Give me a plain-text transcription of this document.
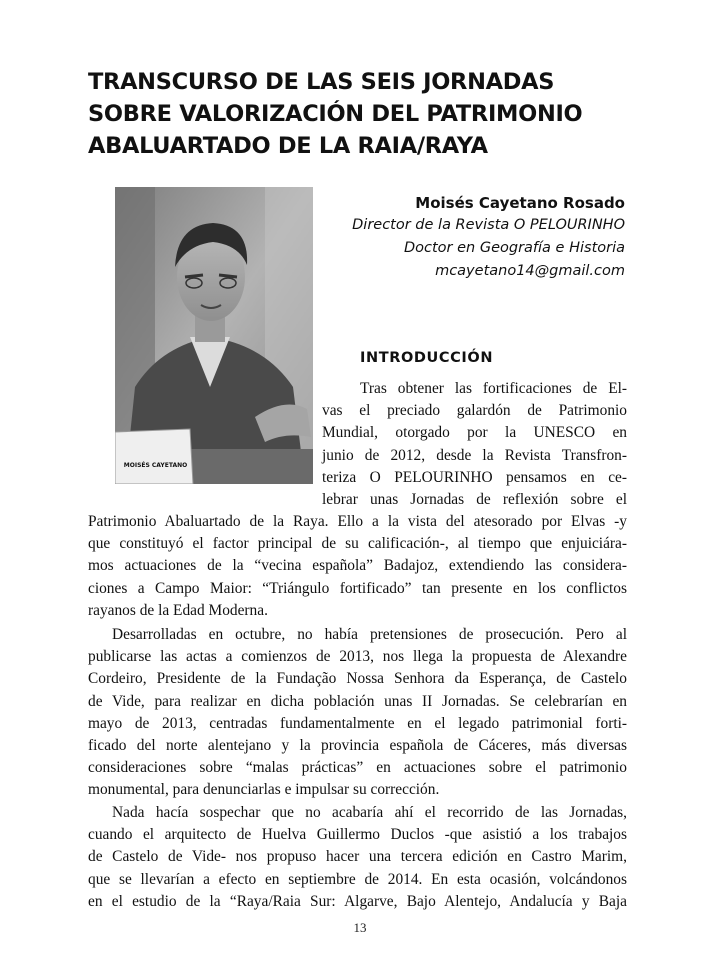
TRANSCURSO DE LAS SEIS JORNADAS
SOBRE VALORIZACIÓN DEL PATRIMONIO
ABALUARTADO DE LA RAIA/RAYA
MOISÉS CAYETANO

Moisés Cayetano Rosado

Director de la Revista O PELOURINHO

Doctor en Geografía e Historia

mcayetano14@gmail.com

INTRODUCCIÓN
Tras obtener las fortificaciones de El-
vas el preciado galardón de Patrimonio
Mundial, otorgado por la UNESCO en
junio de 2012, desde la Revista Transfron-
teriza O PELOURINHO pensamos en ce-
lebrar unas Jornadas de reflexión sobre el
Patrimonio Abaluartado de la Raya. Ello a la vista del atesorado por Elvas -y
que constituyó el factor principal de su calificación-, al tiempo que enjuiciára-
mos actuaciones de la “vecina española” Badajoz, extendiendo las considera-
ciones a Campo Maior: “Triángulo fortificado” tan presente en los conflictos
rayanos de la Edad Moderna.
Desarrolladas en octubre, no había pretensiones de prosecución. Pero al
publicarse las actas a comienzos de 2013, nos llega la propuesta de Alexandre
Cordeiro, Presidente de la Fundação Nossa Senhora da Esperança, de Castelo
de Vide, para realizar en dicha población unas II Jornadas. Se celebrarían en
mayo de 2013, centradas fundamentalmente en el legado patrimonial forti-
ficado del norte alentejano y la provincia española de Cáceres, más diversas
consideraciones sobre “malas prácticas” en actuaciones sobre el patrimonio
monumental, para denunciarlas e impulsar su corrección.
Nada hacía sospechar que no acabaría ahí el recorrido de las Jornadas,
cuando el arquitecto de Huelva Guillermo Duclos -que asistió a los trabajos
de Castelo de Vide- nos propuso hacer una tercera edición en Castro Marim,
que se llevarían a efecto en septiembre de 2014. En esta ocasión, volcándonos
en el estudio de la “Raya/Raia Sur: Algarve, Bajo Alentejo, Andalucía y Baja
13
